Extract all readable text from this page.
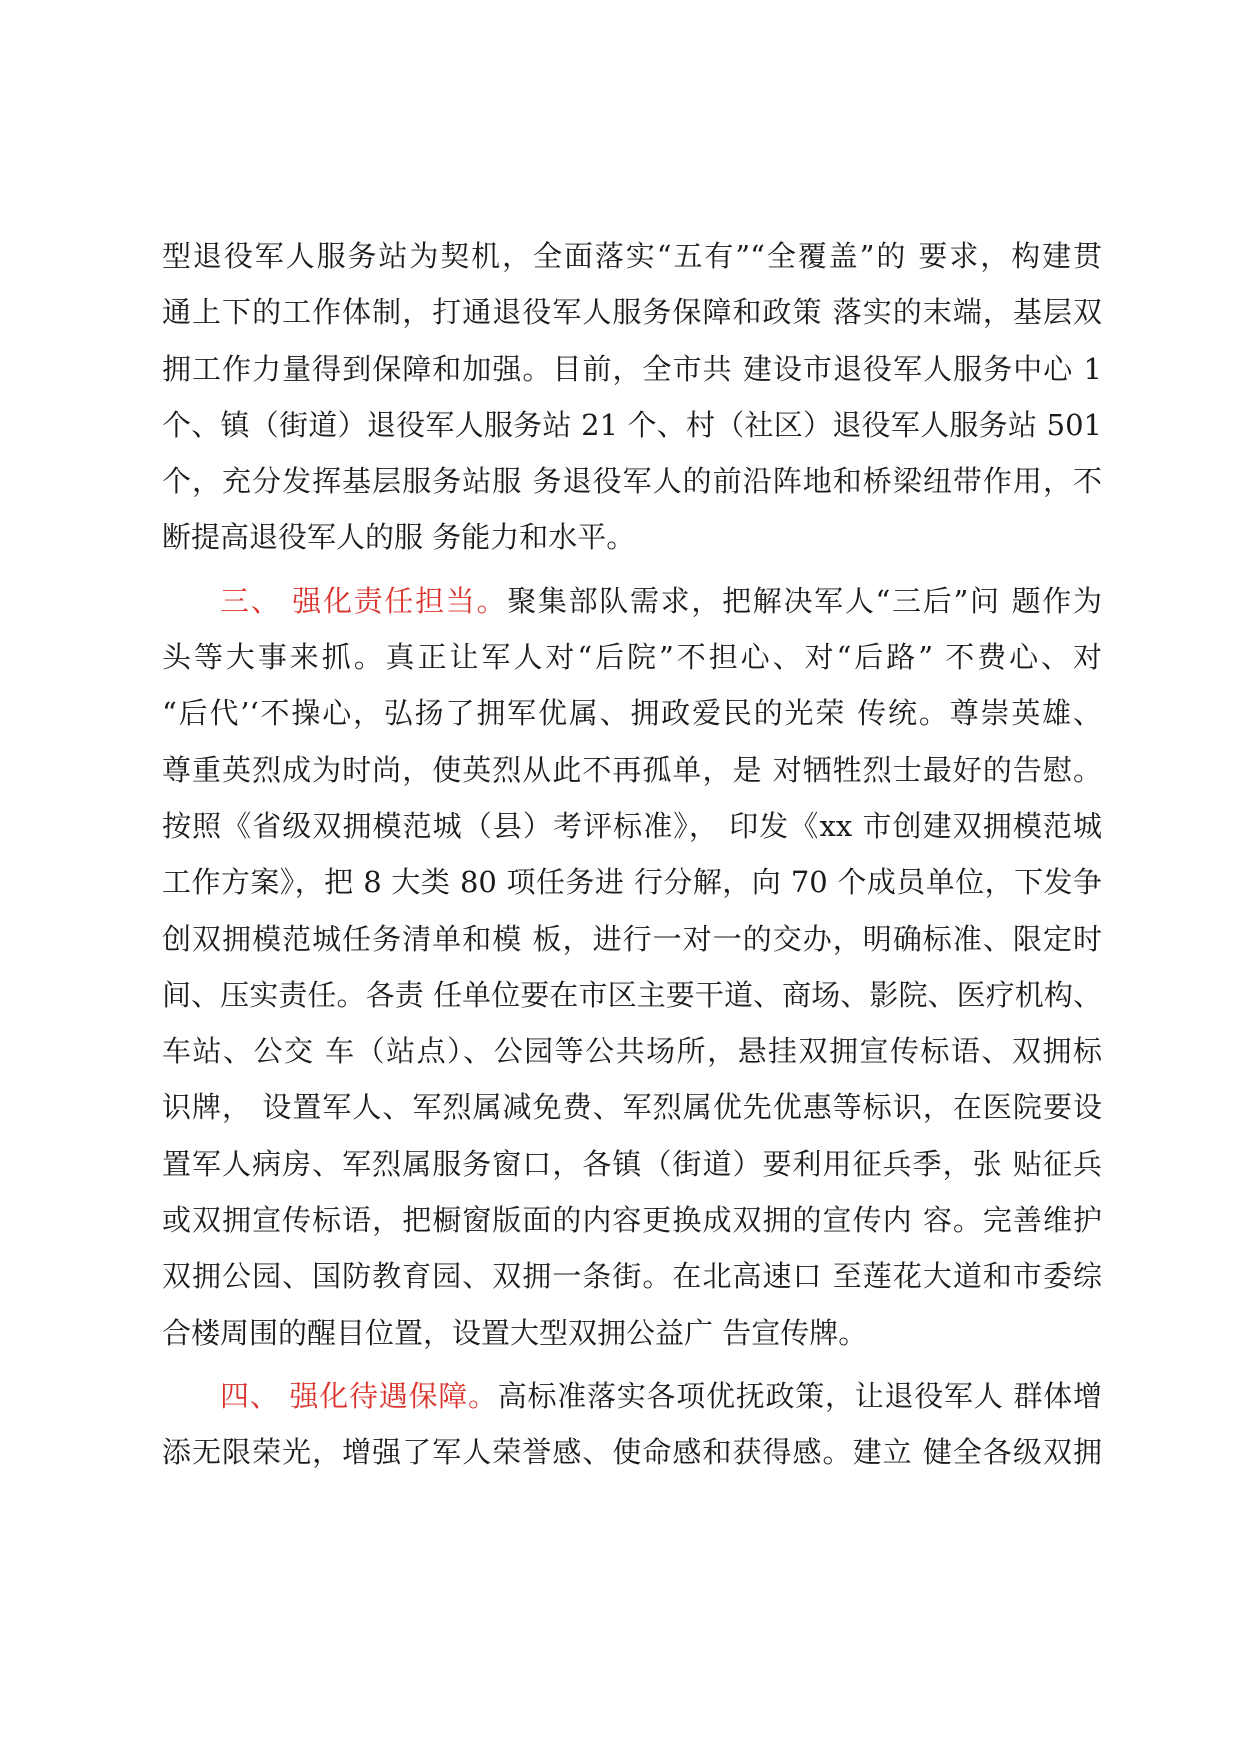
型退役军人服务站为契机，全面落实“五有”“全覆盖”的 要求，构建贯
通上下的工作体制，打通退役军人服务保障和政策 落实的末端，基层双
拥工作力量得到保障和加强。目前，全市共 建设市退役军人服务中心 1
个、镇（街道）退役军人服务站 21 个、村（社区）退役军人服务站 501
个，充分发挥基层服务站服 务退役军人的前沿阵地和桥梁纽带作用，不
断提高退役军人的服 务能力和水平。
三、 强化责任担当。聚集部队需求，把解决军人“三后”问 题作为
头等大事来抓。真正让军人对“后院”不担心、对“后路” 不费心、对
“后代’‘不操心，弘扬了拥军优属、拥政爱民的光荣 传统。尊崇英雄、
尊重英烈成为时尚，使英烈从此不再孤单，是 对牺牲烈士最好的告慰。
按照《省级双拥模范城（县）考评标准》， 印发《xx 市创建双拥模范城
工作方案》，把 8 大类 80 项任务进 行分解，向 70 个成员单位，下发争
创双拥模范城任务清单和模 板，进行一对一的交办，明确标准、限定时
间、压实责任。各责 任单位要在市区主要干道、商场、影院、医疗机构、
车站、公交 车（站点）、公园等公共场所，悬挂双拥宣传标语、双拥标
识牌， 设置军人、军烈属减免费、军烈属优先优惠等标识，在医院要设
置军人病房、军烈属服务窗口，各镇（街道）要利用征兵季，张 贴征兵
或双拥宣传标语，把橱窗版面的内容更换成双拥的宣传内 容。完善维护
双拥公园、国防教育园、双拥一条街。在北高速口 至莲花大道和市委综
合楼周围的醒目位置，设置大型双拥公益广 告宣传牌。
四、 强化待遇保障。高标准落实各项优抚政策，让退役军人 群体增
添无限荣光，增强了军人荣誉感、使命感和获得感。建立 健全各级双拥
